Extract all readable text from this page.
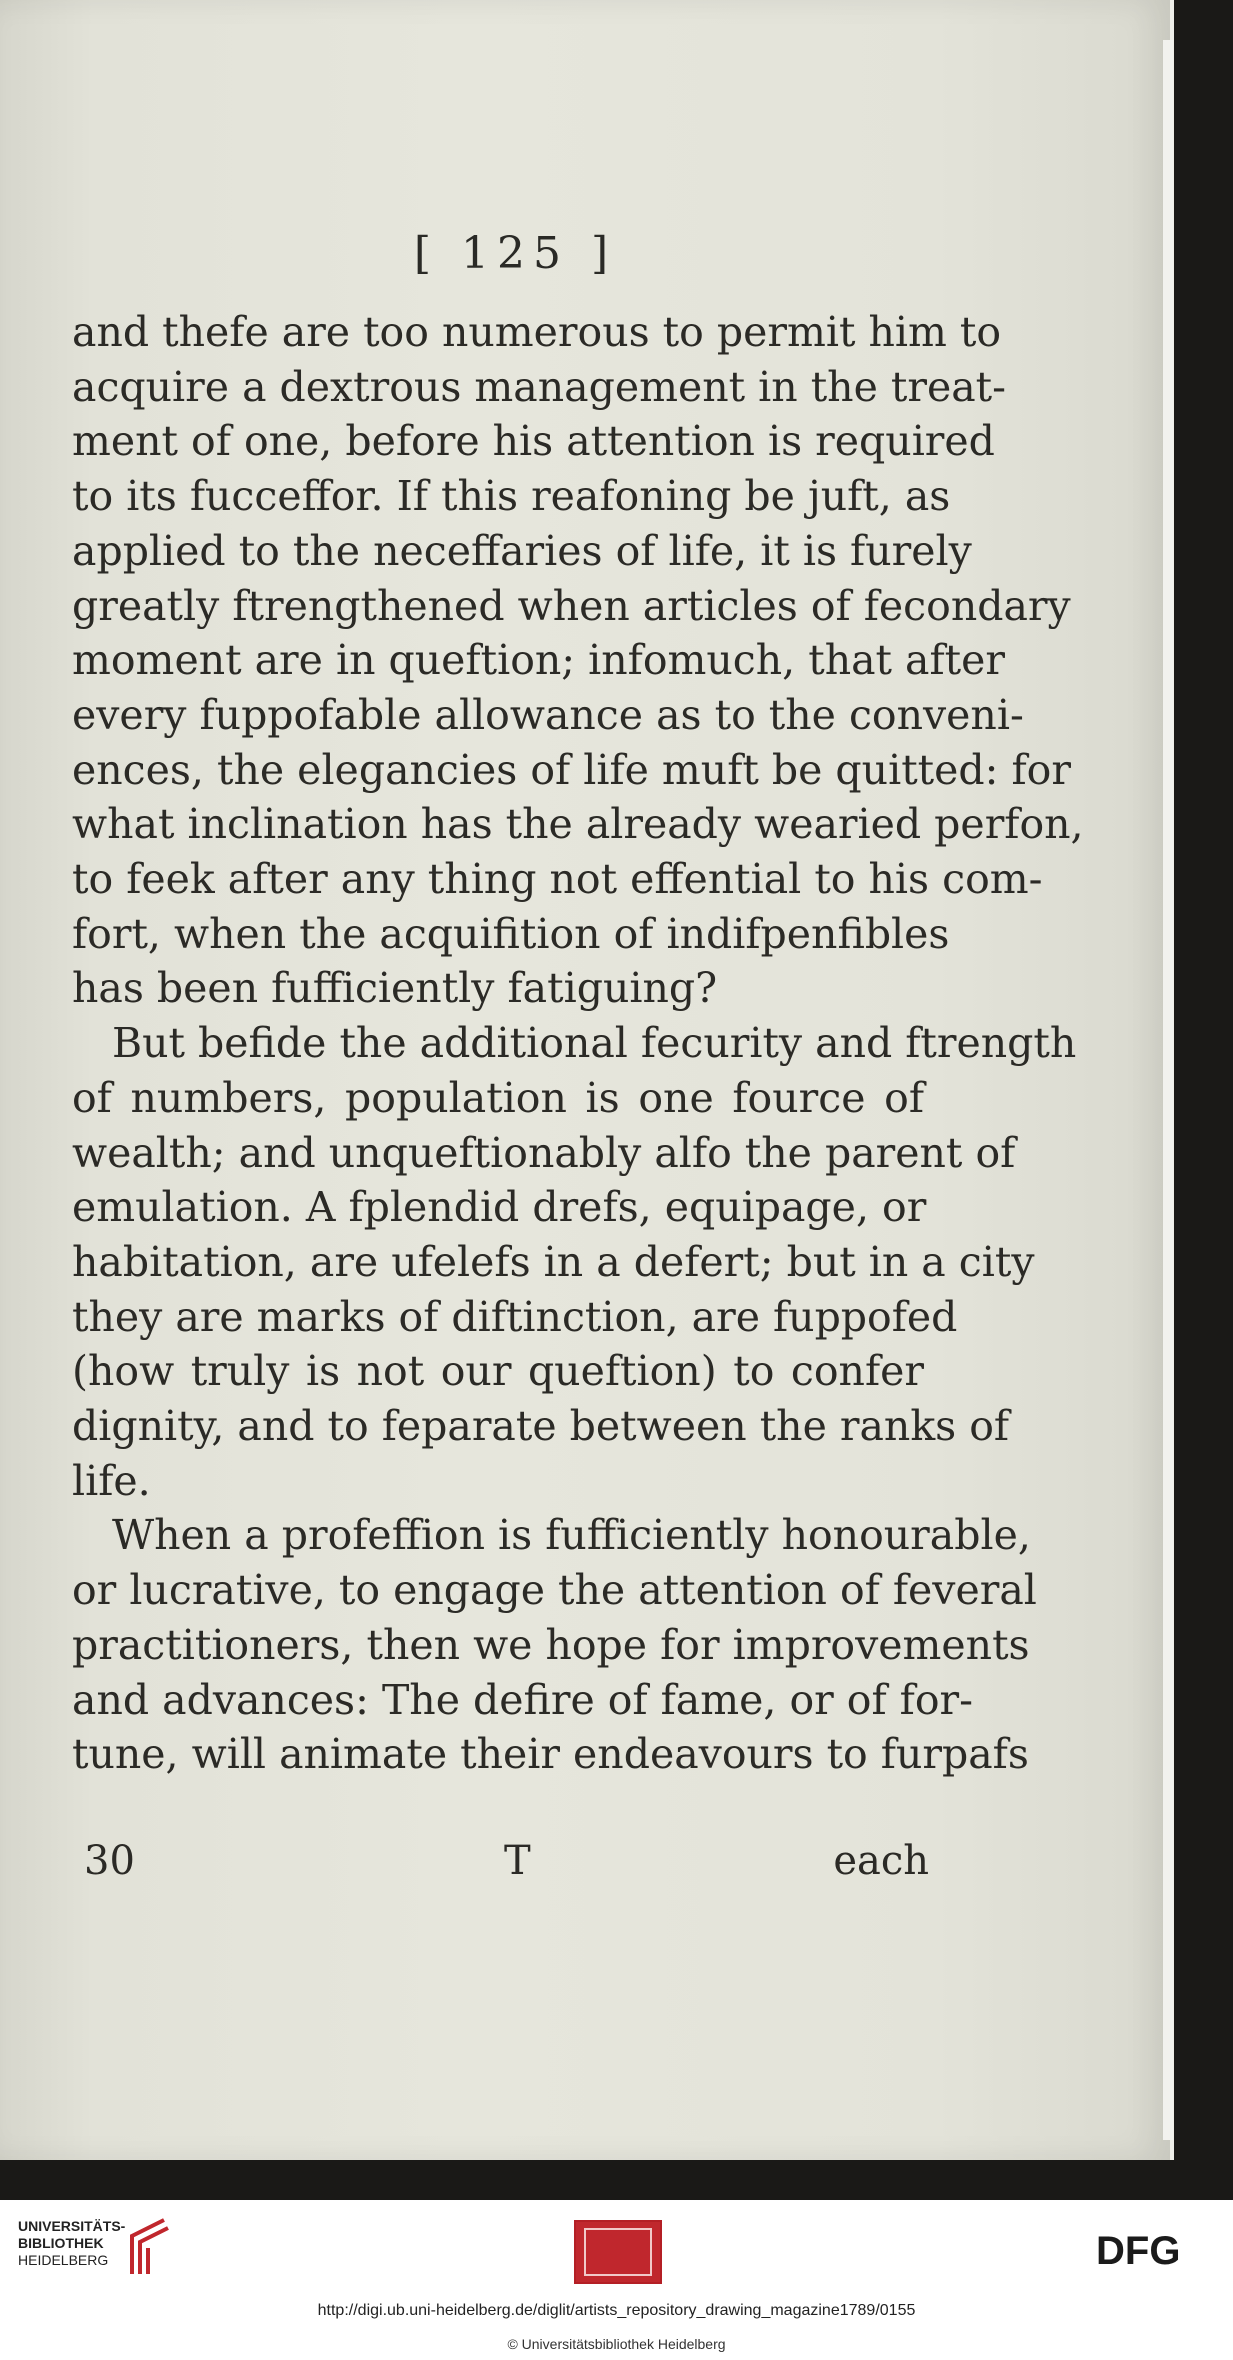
[ 125 ]
and thefe are too numerous to permit him to
acquire a dextrous management in the treat-
ment of one, before his attention is required
to its fucceffor. If this reafoning be juft, as
applied to the neceffaries of life, it is furely
greatly ftrengthened when articles of fecondary
moment are in queftion; infomuch, that after
every fuppofable allowance as to the conveni-
ences, the elegancies of life muft be quitted: for
what inclination has the already wearied perfon,
to feek after any thing not effential to his com-
fort, when the acquifition of indifpenfibles
has been fufficiently fatiguing?
But befide the additional fecurity and ftrength
of numbers, population is one fource of
wealth; and unqueftionably alfo the parent of
emulation. A fplendid drefs, equipage, or
habitation, are ufelefs in a defert; but in a city
they are marks of diftinction, are fuppofed
(how truly is not our queftion) to confer
dignity, and to feparate between the ranks of
life.
When a profeffion is fufficiently honourable,
or lucrative, to engage the attention of feveral
practitioners, then we hope for improvements
and advances: The defire of fame, or of for-
tune, will animate their endeavours to furpafs
30	T	each
UNIVERSITÄTS-
BIBLIOTHEK
HEIDELBERG	DFG
http://digi.ub.uni-heidelberg.de/diglit/artists_repository_drawing_magazine1789/0155
© Universitätsbibliothek Heidelberg
